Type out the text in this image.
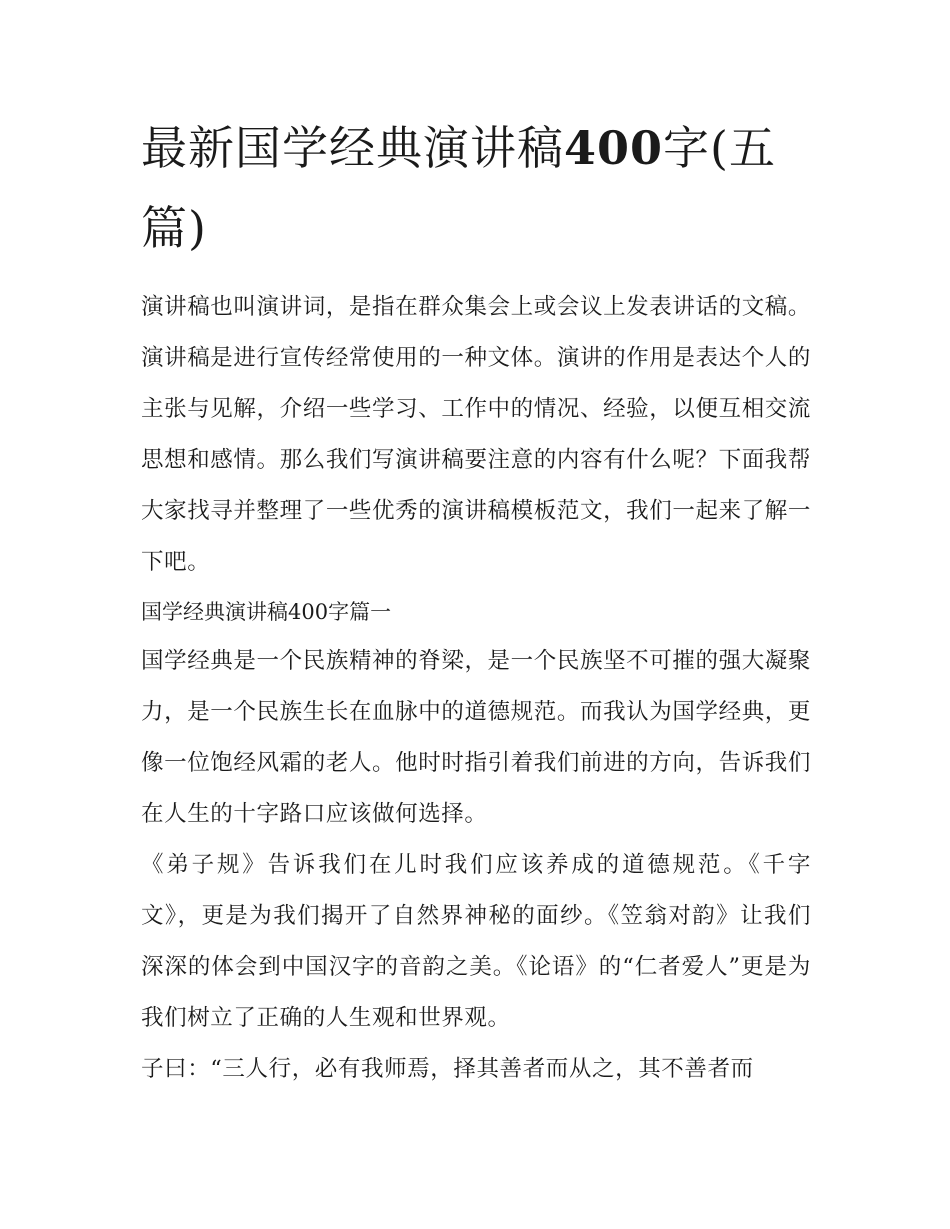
最新国学经典演讲稿400字(五篇)

演讲稿也叫演讲词，是指在群众集会上或会议上发表讲话的文稿。演讲稿是进行宣传经常使用的一种文体。演讲的作用是表达个人的主张与见解，介绍一些学习、工作中的情况、经验，以便互相交流思想和感情。那么我们写演讲稿要注意的内容有什么呢？下面我帮大家找寻并整理了一些优秀的演讲稿模板范文，我们一起来了解一下吧。

国学经典演讲稿400字篇一

国学经典是一个民族精神的脊梁，是一个民族坚不可摧的强大凝聚力，是一个民族生长在血脉中的道德规范。而我认为国学经典，更像一位饱经风霜的老人。他时时指引着我们前进的方向，告诉我们在人生的十字路口应该做何选择。

《弟子规》告诉我们在儿时我们应该养成的道德规范。《千字文》，更是为我们揭开了自然界神秘的面纱。《笠翁对韵》让我们深深的体会到中国汉字的音韵之美。《论语》的“仁者爱人”更是为我们树立了正确的人生观和世界观。

子曰：“三人行，必有我师焉，择其善者而从之，其不善者而
